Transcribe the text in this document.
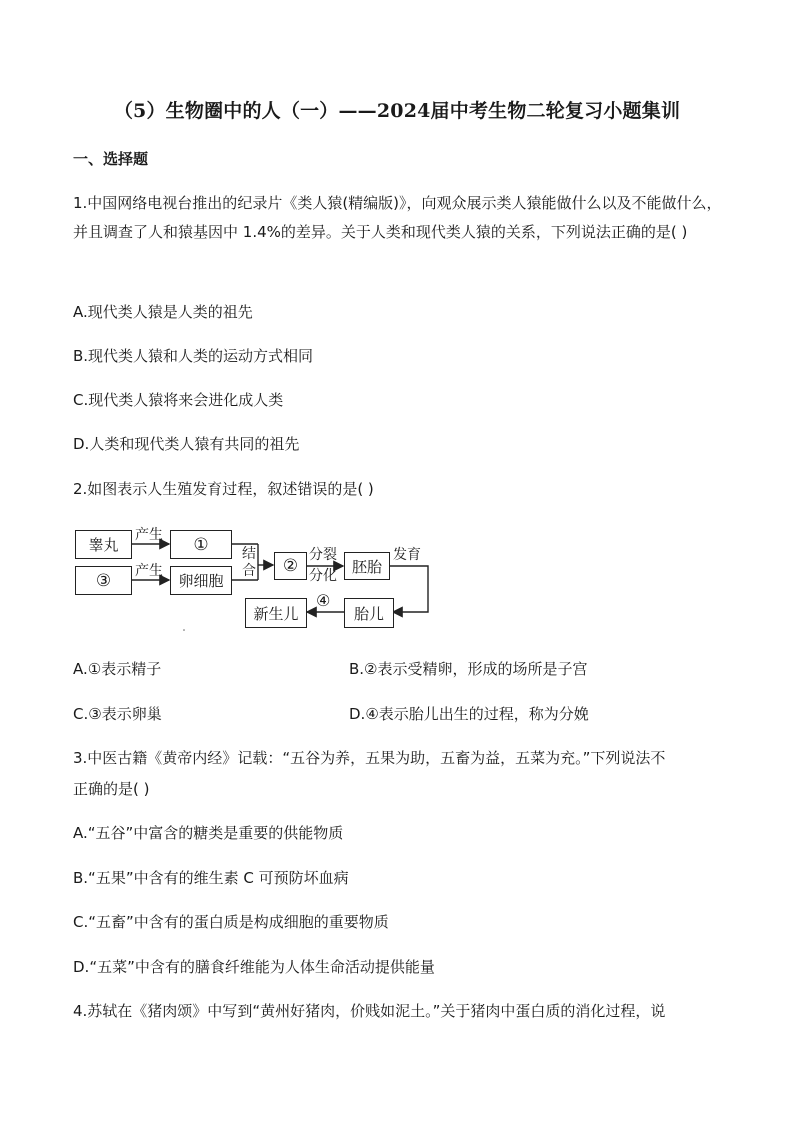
（5）生物圈中的人（一）——2024届中考生物二轮复习小题集训
一、选择题
1.中国网络电视台推出的纪录片《类人猿(精编版)》，向观众展示类人猿能做什么以及不能做什么，并且调查了人和猿基因中 1.4%的差异。关于人类和现代类人猿的关系，下列说法正确的是( )
A.现代类人猿是人类的祖先
B.现代类人猿和人类的运动方式相同
C.现代类人猿将来会进化成人类
D.人类和现代类人猿有共同的祖先
2.如图表示人生殖发育过程，叙述错误的是( )
睾丸	①
③	卵细胞
②	胚胎
胎儿
新生儿
产生
产生
结
合
分裂
分化
发育
④
A.①表示精子	B.②表示受精卵，形成的场所是子宫
C.③表示卵巢	D.④表示胎儿出生的过程，称为分娩
3.中医古籍《黄帝内经》记载：“五谷为养，五果为助，五畜为益，五菜为充。”下列说法不
正确的是( )
A.“五谷”中富含的糖类是重要的供能物质
B.“五果”中含有的维生素 C 可预防坏血病
C.“五畜”中含有的蛋白质是构成细胞的重要物质
D.“五菜”中含有的膳食纤维能为人体生命活动提供能量
4.苏轼在《猪肉颂》中写到“黄州好猪肉，价贱如泥土。”关于猪肉中蛋白质的消化过程，说
